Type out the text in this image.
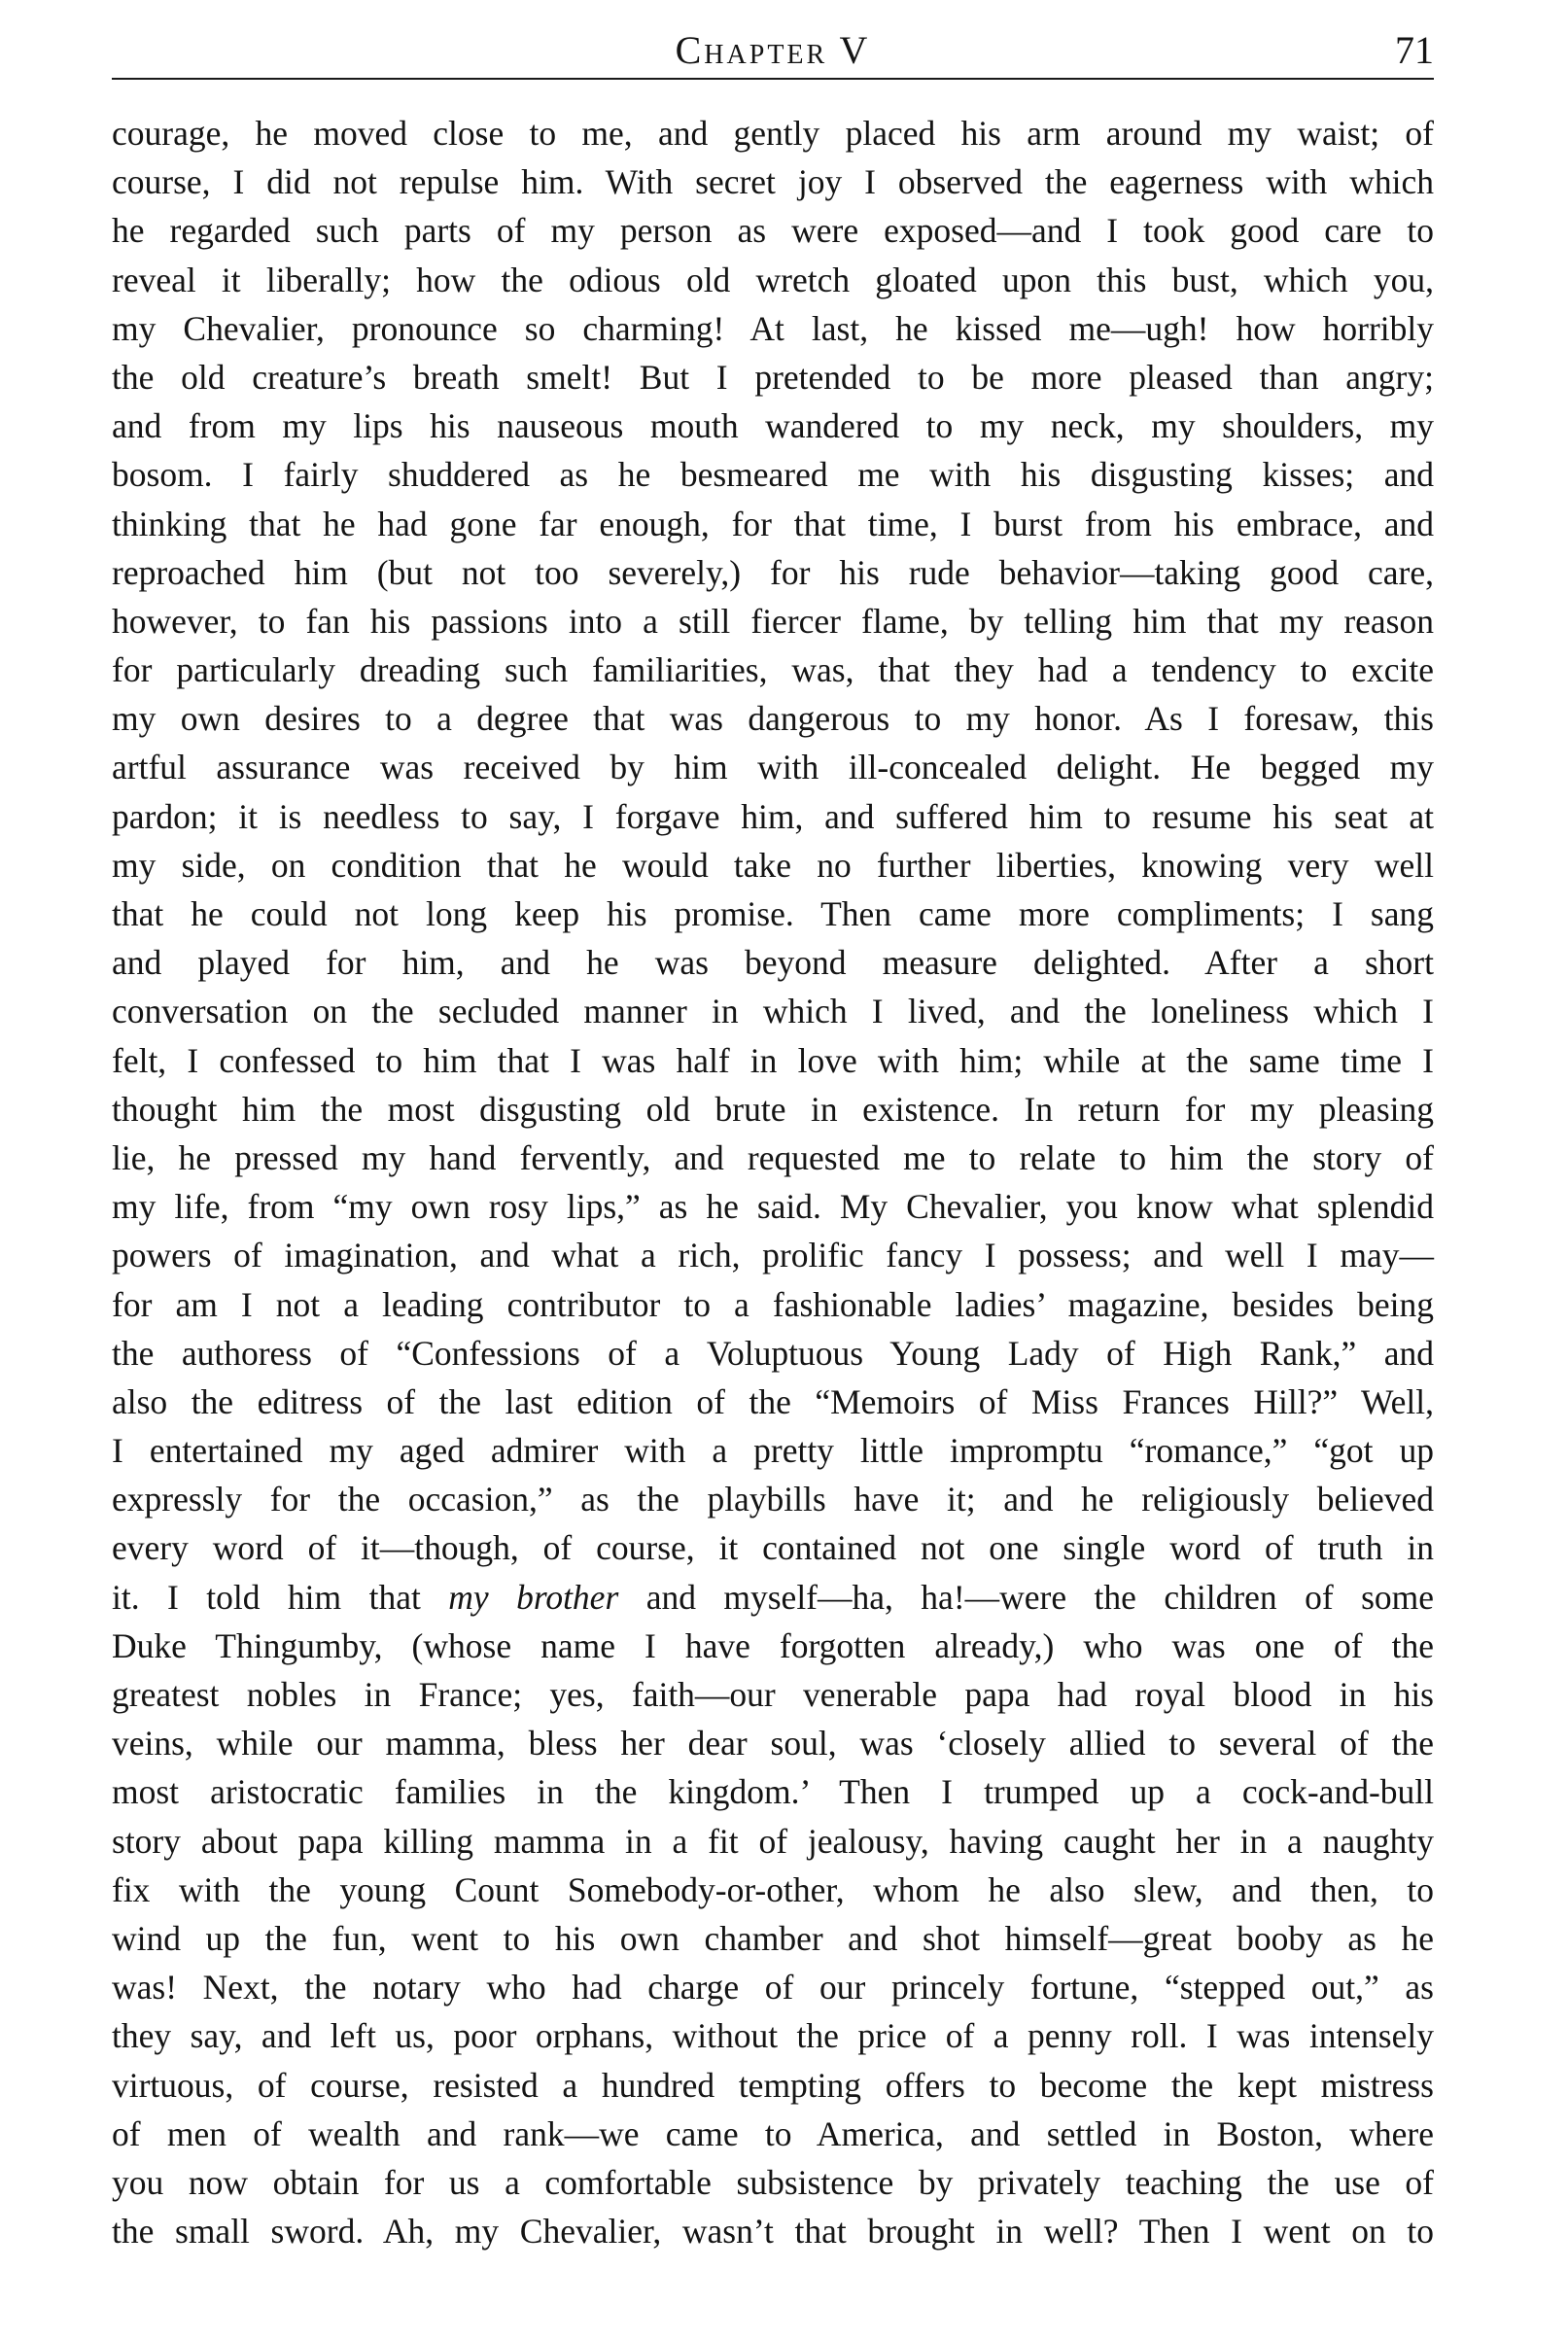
Chapter V	71
courage, he moved close to me, and gently placed his arm around my waist; of
course, I did not repulse him. With secret joy I observed the eagerness with which
he regarded such parts of my person as were exposed—and I took good care to
reveal it liberally; how the odious old wretch gloated upon this bust, which you,
my Chevalier, pronounce so charming! At last, he kissed me—ugh! how horribly
the old creature’s breath smelt! But I pretended to be more pleased than angry;
and from my lips his nauseous mouth wandered to my neck, my shoulders, my
bosom. I fairly shuddered as he besmeared me with his disgusting kisses; and
thinking that he had gone far enough, for that time, I burst from his embrace, and
reproached him (but not too severely,) for his rude behavior—taking good care,
however, to fan his passions into a still fiercer flame, by telling him that my reason
for particularly dreading such familiarities, was, that they had a tendency to excite
my own desires to a degree that was dangerous to my honor. As I foresaw, this
artful assurance was received by him with ill-concealed delight. He begged my
pardon; it is needless to say, I forgave him, and suffered him to resume his seat at
my side, on condition that he would take no further liberties, knowing very well
that he could not long keep his promise. Then came more compliments; I sang
and played for him, and he was beyond measure delighted. After a short
conversation on the secluded manner in which I lived, and the loneliness which I
felt, I confessed to him that I was half in love with him; while at the same time I
thought him the most disgusting old brute in existence. In return for my pleasing
lie, he pressed my hand fervently, and requested me to relate to him the story of
my life, from “my own rosy lips,” as he said. My Chevalier, you know what splendid
powers of imagination, and what a rich, prolific fancy I possess; and well I may—
for am I not a leading contributor to a fashionable ladies’ magazine, besides being
the authoress of “Confessions of a Voluptuous Young Lady of High Rank,” and
also the editress of the last edition of the “Memoirs of Miss Frances Hill?” Well,
I entertained my aged admirer with a pretty little impromptu “romance,” “got up
expressly for the occasion,” as the playbills have it; and he religiously believed
every word of it—though, of course, it contained not one single word of truth in
it. I told him that my brother and myself—ha, ha!—were the children of some
Duke Thingumby, (whose name I have forgotten already,) who was one of the
greatest nobles in France; yes, faith—our venerable papa had royal blood in his
veins, while our mamma, bless her dear soul, was ‘closely allied to several of the
most aristocratic families in the kingdom.’ Then I trumped up a cock-and-bull
story about papa killing mamma in a fit of jealousy, having caught her in a naughty
fix with the young Count Somebody-or-other, whom he also slew, and then, to
wind up the fun, went to his own chamber and shot himself—great booby as he
was! Next, the notary who had charge of our princely fortune, “stepped out,” as
they say, and left us, poor orphans, without the price of a penny roll. I was intensely
virtuous, of course, resisted a hundred tempting offers to become the kept mistress
of men of wealth and rank—we came to America, and settled in Boston, where
you now obtain for us a comfortable subsistence by privately teaching the use of
the small sword. Ah, my Chevalier, wasn’t that brought in well? Then I went on to
